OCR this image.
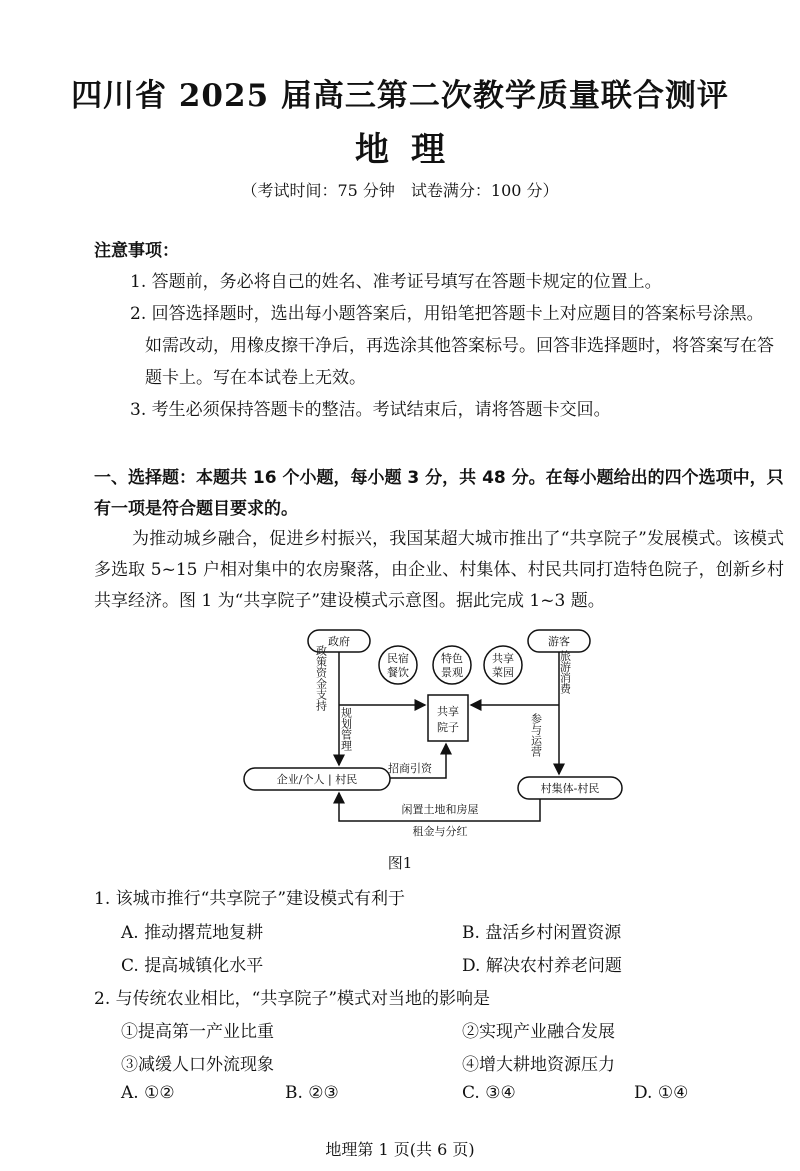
四川省 2025 届高三第二次教学质量联合测评
地理
（考试时间：75 分钟　试卷满分：100 分）
注意事项：
1. 答题前，务必将自己的姓名、准考证号填写在答题卡规定的位置上。
2. 回答选择题时，选出每小题答案后，用铅笔把答题卡上对应题目的答案标号涂黑。
如需改动，用橡皮擦干净后，再选涂其他答案标号。回答非选择题时，将答案写在答
题卡上。写在本试卷上无效。
3. 考生必须保持答题卡的整洁。考试结束后，请将答题卡交回。
一、选择题：本题共 16 个小题，每小题 3 分，共 48 分。在每小题给出的四个选项中，只有一项是符合题目要求的。
为推动城乡融合，促进乡村振兴，我国某超大城市推出了“共享院子”发展模式。该模式多选取 5~15 户相对集中的农房聚落，由企业、村集体、村民共同打造特色院子，创新乡村共享经济。图 1 为“共享院子”建设模式示意图。据此完成 1~3 题。
政府	游客
民宿
餐饮
特色
景观
共享
菜园
共享
院子
企业/个人 | 村民
村集体-村民
招商引资
闲置土地和房屋
租金与分红
政策资金支持
规划管理
旅游消费
参与运营
图1
1. 该城市推行“共享院子”建设模式有利于
A. 推动撂荒地复耕	B. 盘活乡村闲置资源
C. 提高城镇化水平	D. 解决农村养老问题
2. 与传统农业相比，“共享院子”模式对当地的影响是
①提高第一产业比重	②实现产业融合发展
③减缓人口外流现象	④增大耕地资源压力
A. ①②	B. ②③	C. ③④	D. ①④
地理第 1 页(共 6 页)
